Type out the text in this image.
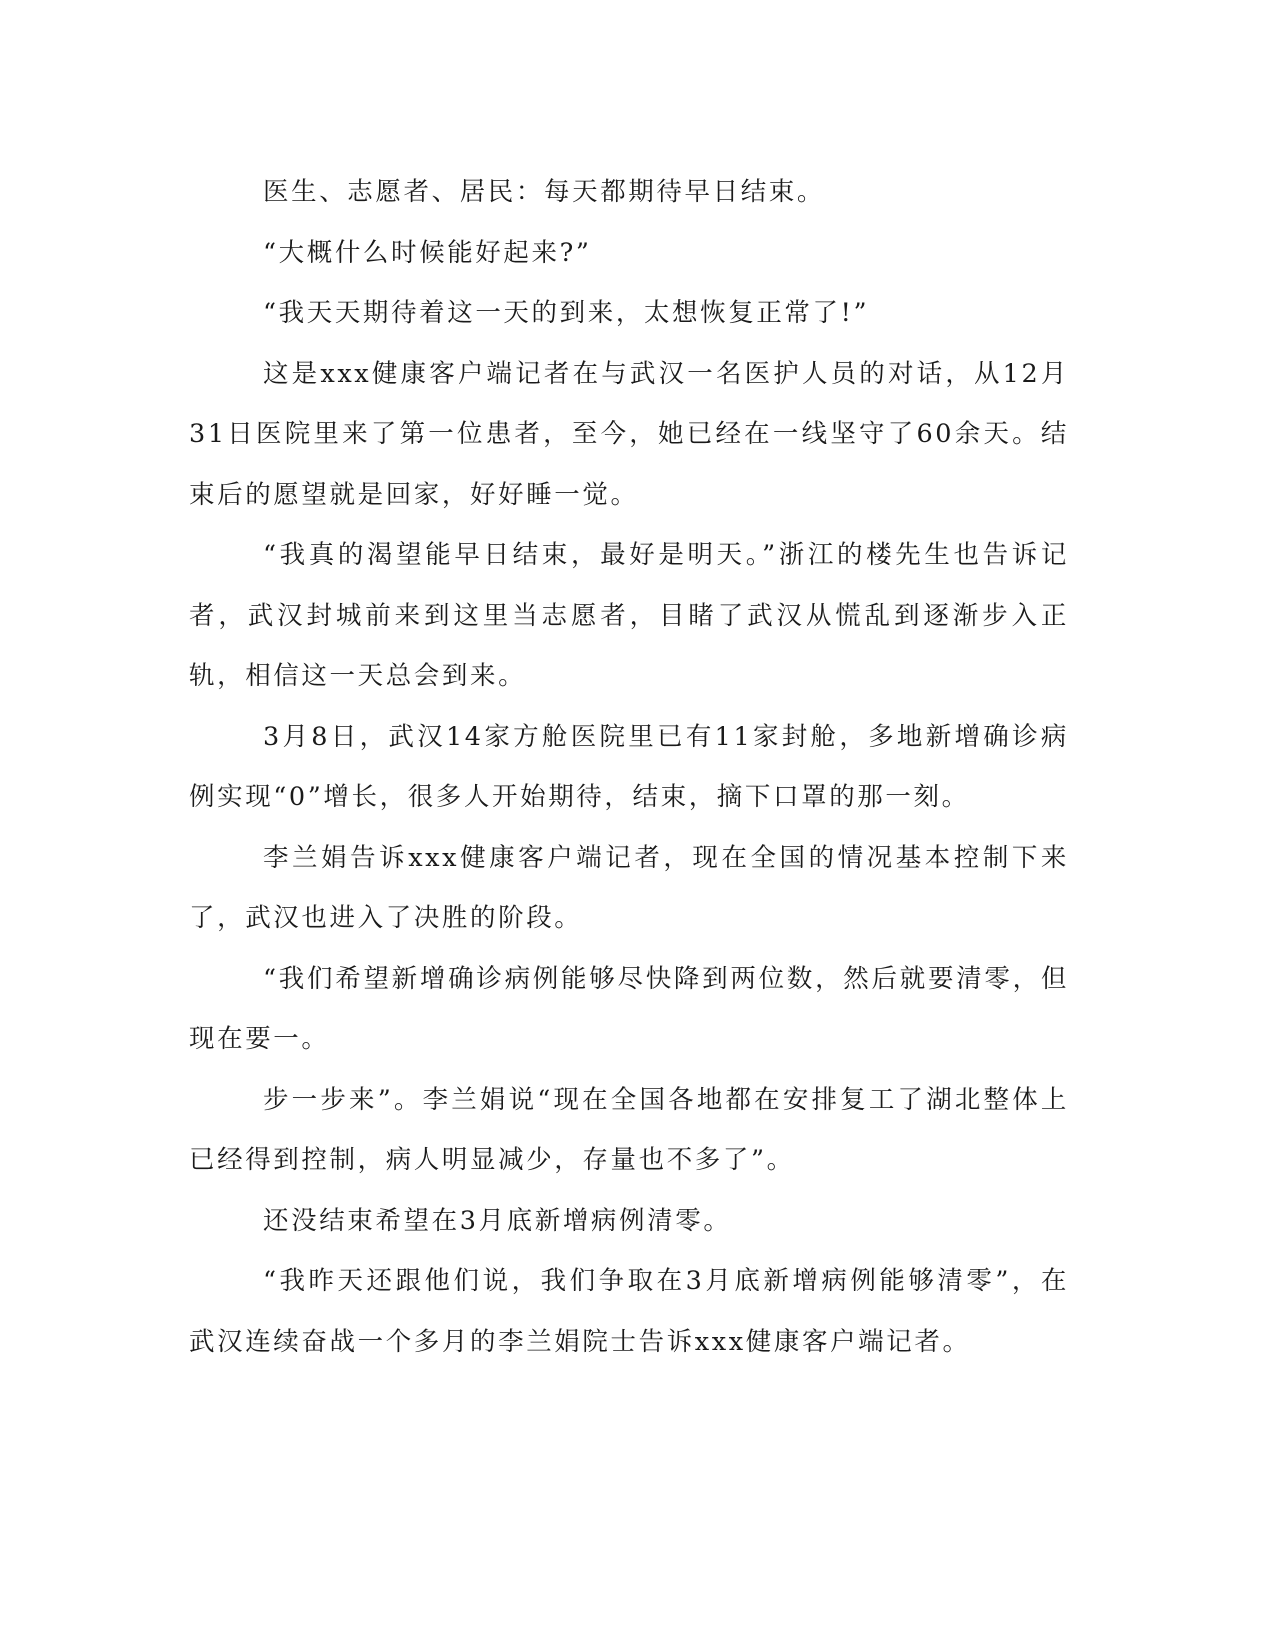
医生、志愿者、居民：每天都期待早日结束。

“大概什么时候能好起来?”

“我天天期待着这一天的到来，太想恢复正常了!”

这是xxx健康客户端记者在与武汉一名医护人员的对话，从12月31日医院里来了第一位患者，至今，她已经在一线坚守了60余天。结束后的愿望就是回家，好好睡一觉。

“我真的渴望能早日结束，最好是明天。”浙江的楼先生也告诉记者，武汉封城前来到这里当志愿者，目睹了武汉从慌乱到逐渐步入正轨，相信这一天总会到来。

3月8日，武汉14家方舱医院里已有11家封舱，多地新增确诊病例实现“0”增长，很多人开始期待，结束，摘下口罩的那一刻。

李兰娟告诉xxx健康客户端记者，现在全国的情况基本控制下来了，武汉也进入了决胜的阶段。

“我们希望新增确诊病例能够尽快降到两位数，然后就要清零，但现在要一。

步一步来”。李兰娟说“现在全国各地都在安排复工了湖北整体上已经得到控制，病人明显减少，存量也不多了”。

还没结束希望在3月底新增病例清零。

“我昨天还跟他们说，我们争取在3月底新增病例能够清零”，在武汉连续奋战一个多月的李兰娟院士告诉xxx健康客户端记者。
